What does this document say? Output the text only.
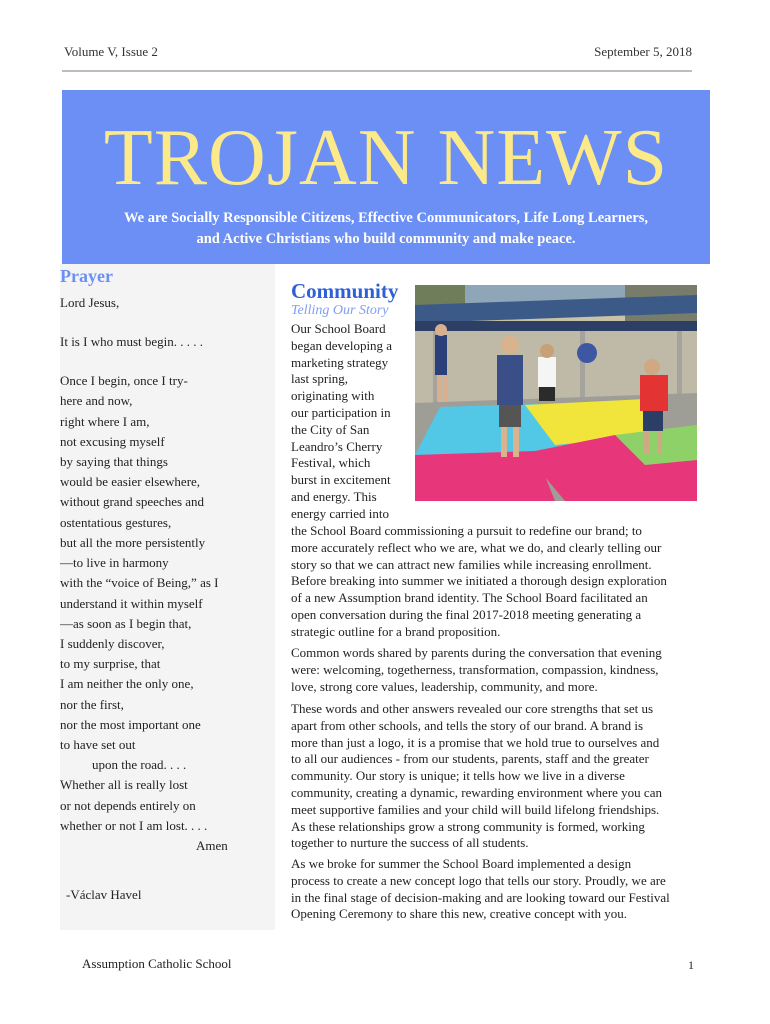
Volume V, Issue 2	September 5, 2018
TROJAN NEWS
We are Socially Responsible Citizens, Effective Communicators, Life Long Learners,
and Active Christians who build community and make peace.
Prayer
Lord Jesus,
It is I who must begin. . . . .
Once I begin, once I try-
here and now,
right where I am,
not excusing myself
by saying that things
would be easier elsewhere,
without grand speeches and
ostentatious gestures,
but all the more persistently
—to live in harmony
with the “voice of Being,” as I
understand it within myself
—as soon as I begin that,
I suddenly discover,
to my surprise, that
I am neither the only one,
nor the first,
nor the most important one
to have set out
upon the road. . . .
Whether all is really lost
or not depends entirely on
whether or not I am lost. . . .
Amen
-Václav Havel
Community
Telling Our Story
Our School Board
began developing a
marketing strategy
last spring,
originating with
our participation in
the City of San
Leandro’s Cherry
Festival, which
burst in excitement
and energy. This
energy carried into
the School Board commissioning a pursuit to redefine our brand; to
more accurately reflect who we are, what we do, and clearly telling our
story so that we can attract new families while increasing enrollment.
Before breaking into summer we initiated a thorough design exploration
of a new Assumption brand identity. The School Board facilitated an
open conversation during the final 2017-2018 meeting generating a
strategic outline for a brand proposition.
Common words shared by parents during the conversation that evening
were: welcoming, togetherness, transformation, compassion, kindness,
love, strong core values, leadership, community, and more.
These words and other answers revealed our core strengths that set us
apart from other schools, and tells the story of our brand. A brand is
more than just a logo, it is a promise that we hold true to ourselves and
to all our audiences - from our students, parents, staff and the greater
community. Our story is unique; it tells how we live in a diverse
community, creating a dynamic, rewarding environment where you can
meet supportive families and your child will build lifelong friendships.
As these relationships grow a strong community is formed, working
together to nurture the success of all students.
As we broke for summer the School Board implemented a design
process to create a new concept logo that tells our story. Proudly, we are
in the final stage of decision-making and are looking toward our Festival
Opening Ceremony to share this new, creative concept with you.
Assumption Catholic School	1
